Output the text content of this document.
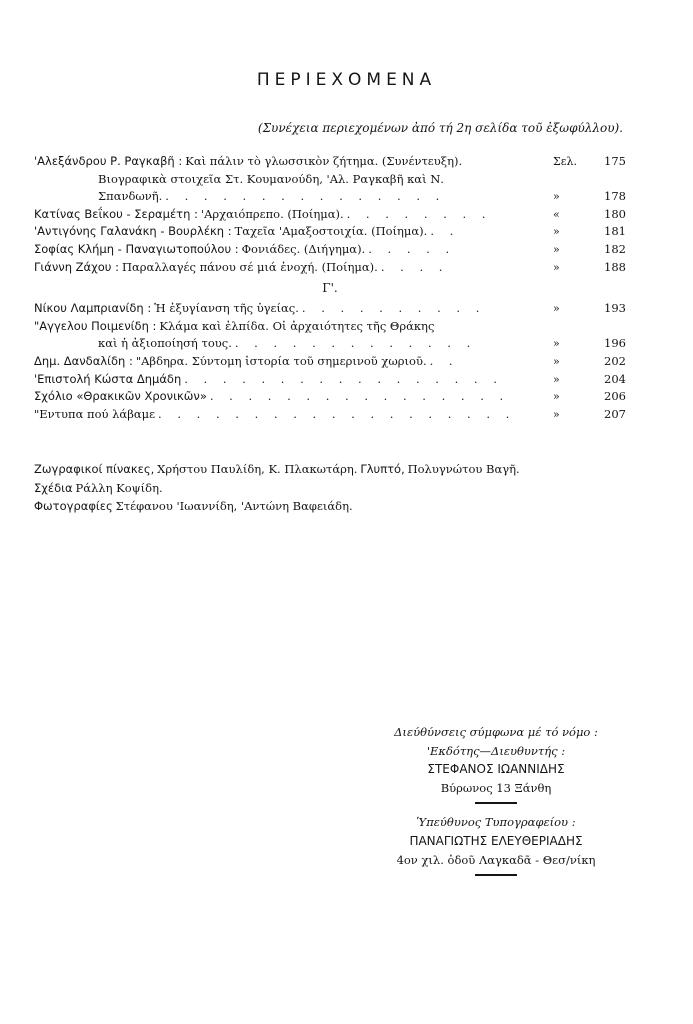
ΠΕΡΙΕΧΟΜΕΝΑ
(Συνέχεια περιεχομένων ἀπό τή 2η σελίδα τοῦ ἐξωφύλλου).
'Αλεξάνδρου Ρ. Ραγκαβῆ : Καὶ πάλιν τὸ γλωσσικὸν ζήτημα. (Συνέντευξη).	Σελ.	175
Βιογραφικὰ στοιχεῖα Στ. Κουμανούδη, 'Αλ. Ραγκαβῆ καὶ Ν.
Σπανδωνῆ. . . . . . . . . . . . . . . .	»	178
Κατίνας Βεΐκου - Σεραμέτη : 'Αρχαιόπρεπο. (Ποίημα). . . . . . . . .	«	180
'Αντιγόνης Γαλανάκη - Βουρλέκη : Ταχεῖα 'Αμαξοστοιχία. (Ποίημα). . .	»	181
Σοφίας Κλήμη - Παναγιωτοπούλου : Φονιάδες. (Διήγημα). . . . . .	»	182
Γιάννη Ζάχου : Παραλλαγές πάνου σέ μιά ἐνοχή. (Ποίημα). . . . .	»	188
Γ'.
Νίκου Λαμπριανίδη : Ἡ ἐξυγίανση τῆς ὑγείας. . . . . . . . . . .	»	193
"Αγγελου Ποιμενίδη : Κλάμα καὶ ἐλπίδα. Οἱ ἀρχαιότητες τῆς Θράκης
καὶ ἡ ἀξιοποίησή τους. . . . . . . . . . . . . .	»	196
Δημ. Δανδαλίδη : "Αβδηρα. Σύντομη ἱστορία τοῦ σημερινοῦ χωριοῦ. . .	»	202
'Επιστολή Κώστα Δημάδη . . . . . . . . . . . . . . . . .	»	204
Σχόλιο «Θρακικῶν Χρονικῶν» . . . . . . . . . . . . . . . .	»	206
"Εντυπα πού λάβαμε . . . . . . . . . . . . . . . . . . .	»	207
Ζωγραφικοί πίνακες, Χρήστου Παυλίδη, Κ. Πλακωτάρη. Γλυπτό, Πολυγνώτου Βαγῆ.
Σχέδια Ράλλη Κοψίδη.
Φωτογραφίες Στέφανου 'Ιωαννίδη, 'Αντώνη Βαφειάδη.
Διεύθύνσεις σύμφωνα μέ τό νόμο :
'Εκδότης—Διευθυντής :
ΣΤΕΦΑΝΟΣ ΙΩΑΝΝΙΔΗΣ
Βύρωνος 13 Ξάνθη
Ὑπεύθυνος Τυπογραφείου :
ΠΑΝΑΓΙΩΤΗΣ ΕΛΕΥΘΕΡΙΑΔΗΣ
4ον χιλ. ὁδοῦ Λαγκαδᾶ - Θεσ/νίκη
